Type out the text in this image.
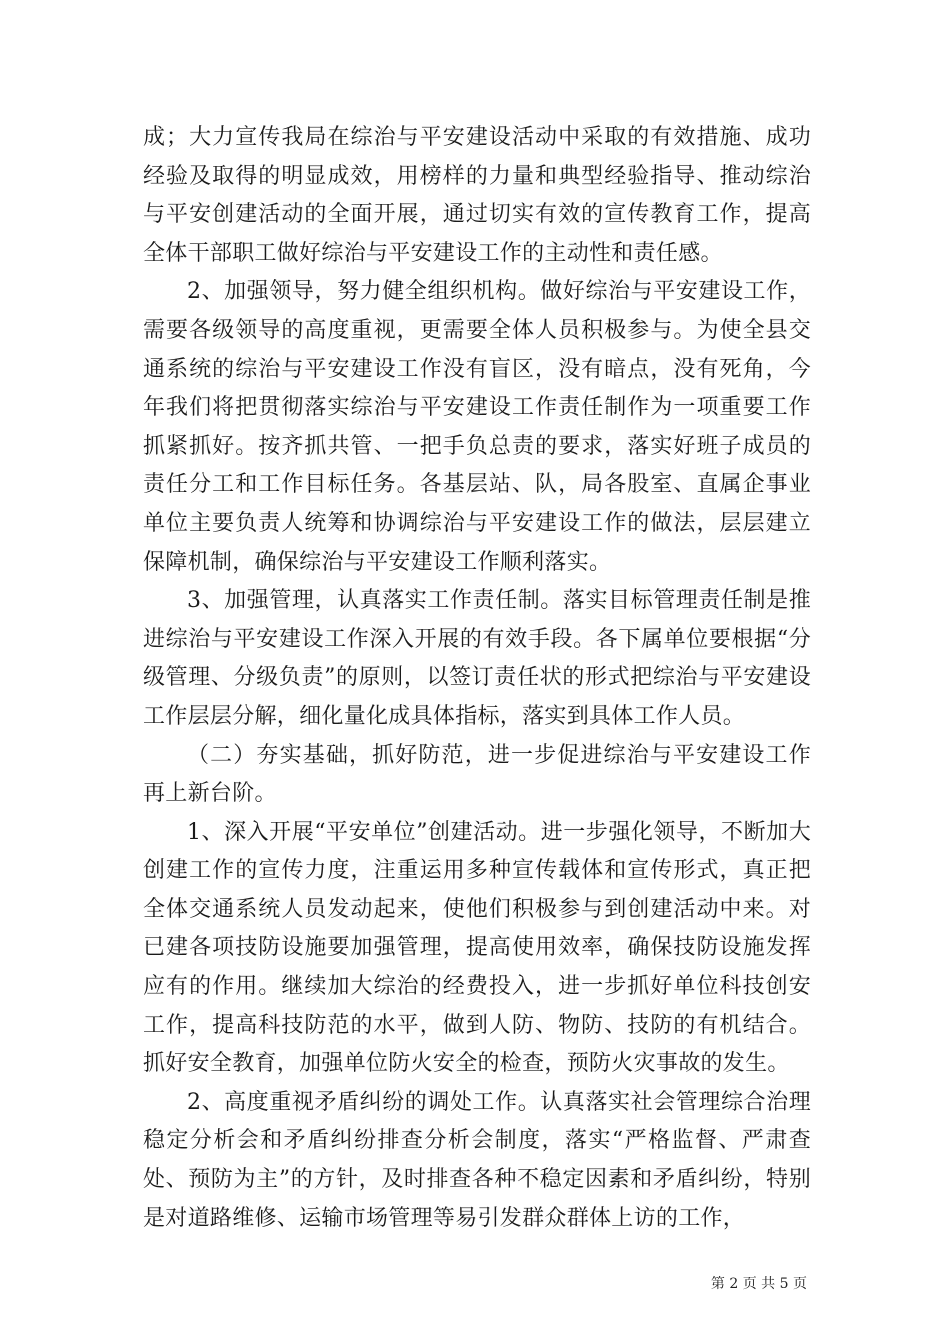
成；大力宣传我局在综治与平安建设活动中采取的有效措施、成功经验及取得的明显成效，用榜样的力量和典型经验指导、推动综治与平安创建活动的全面开展，通过切实有效的宣传教育工作，提高全体干部职工做好综治与平安建设工作的主动性和责任感。

2、加强领导，努力健全组织机构。做好综治与平安建设工作，需要各级领导的高度重视，更需要全体人员积极参与。为使全县交通系统的综治与平安建设工作没有盲区，没有暗点，没有死角，今年我们将把贯彻落实综治与平安建设工作责任制作为一项重要工作抓紧抓好。按齐抓共管、一把手负总责的要求，落实好班子成员的责任分工和工作目标任务。各基层站、队，局各股室、直属企事业单位主要负责人统筹和协调综治与平安建设工作的做法，层层建立保障机制，确保综治与平安建设工作顺利落实。

3、加强管理，认真落实工作责任制。落实目标管理责任制是推进综治与平安建设工作深入开展的有效手段。各下属单位要根据“分级管理、分级负责”的原则，以签订责任状的形式把综治与平安建设工作层层分解，细化量化成具体指标，落实到具体工作人员。

（二）夯实基础，抓好防范，进一步促进综治与平安建设工作再上新台阶。

1、深入开展“平安单位”创建活动。进一步强化领导，不断加大创建工作的宣传力度，注重运用多种宣传载体和宣传形式，真正把全体交通系统人员发动起来，使他们积极参与到创建活动中来。对已建各项技防设施要加强管理，提高使用效率，确保技防设施发挥应有的作用。继续加大综治的经费投入，进一步抓好单位科技创安工作，提高科技防范的水平，做到人防、物防、技防的有机结合。抓好安全教育，加强单位防火安全的检查，预防火灾事故的发生。

2、高度重视矛盾纠纷的调处工作。认真落实社会管理综合治理稳定分析会和矛盾纠纷排查分析会制度，落实“严格监督、严肃查处、预防为主”的方针，及时排查各种不稳定因素和矛盾纠纷，特别是对道路维修、运输市场管理等易引发群众群体上访的工作，

第 2 页 共 5 页
